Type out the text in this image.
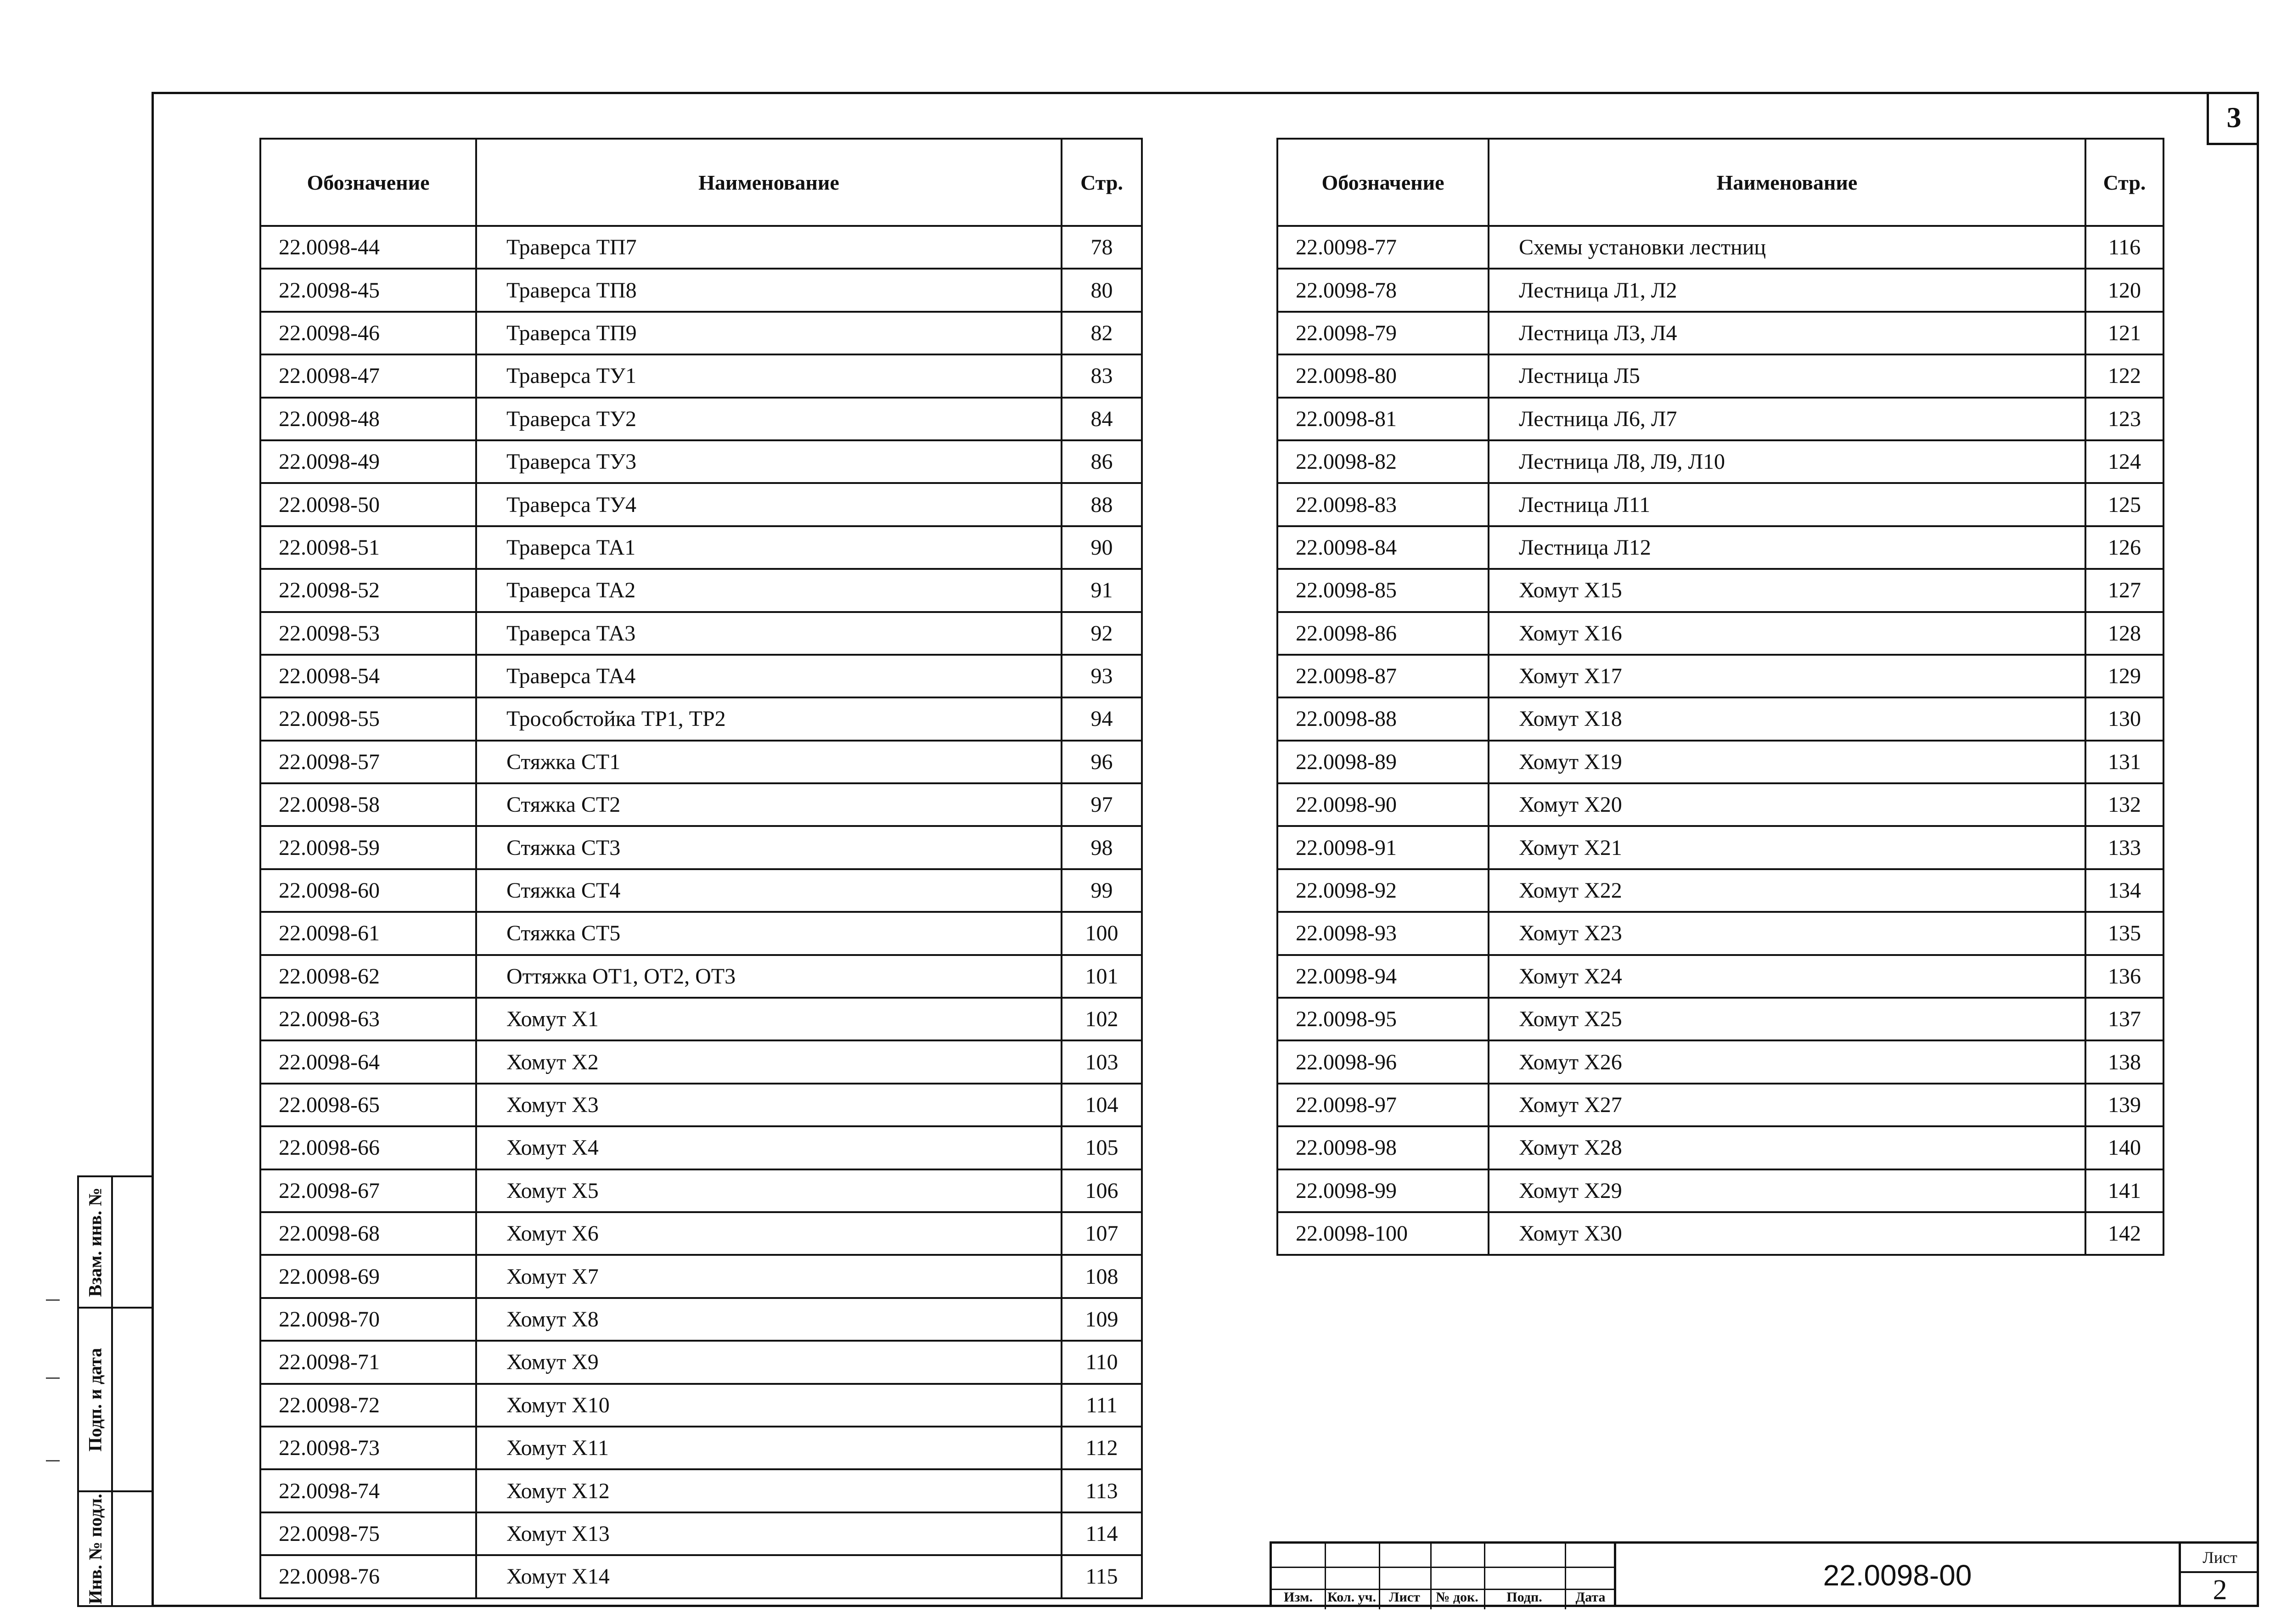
3
Обозначение	Наименование	Стр.
22.0098-44	Траверса ТП7	78
22.0098-45	Траверса ТП8	80
22.0098-46	Траверса ТП9	82
22.0098-47	Траверса ТУ1	83
22.0098-48	Траверса ТУ2	84
22.0098-49	Траверса ТУ3	86
22.0098-50	Траверса ТУ4	88
22.0098-51	Траверса ТА1	90
22.0098-52	Траверса ТА2	91
22.0098-53	Траверса ТА3	92
22.0098-54	Траверса ТА4	93
22.0098-55	Трособстойка ТР1, ТР2	94
22.0098-57	Стяжка СТ1	96
22.0098-58	Стяжка СТ2	97
22.0098-59	Стяжка СТ3	98
22.0098-60	Стяжка СТ4	99
22.0098-61	Стяжка СТ5	100
22.0098-62	Оттяжка ОТ1, ОТ2, ОТ3	101
22.0098-63	Хомут Х1	102
22.0098-64	Хомут Х2	103
22.0098-65	Хомут Х3	104
22.0098-66	Хомут Х4	105
22.0098-67	Хомут Х5	106
22.0098-68	Хомут Х6	107
22.0098-69	Хомут Х7	108
22.0098-70	Хомут Х8	109
22.0098-71	Хомут Х9	110
22.0098-72	Хомут Х10	111
22.0098-73	Хомут Х11	112
22.0098-74	Хомут Х12	113
22.0098-75	Хомут Х13	114
22.0098-76	Хомут Х14	115
Обозначение	Наименование	Стр.
22.0098-77	Схемы установки лестниц	116
22.0098-78	Лестница Л1, Л2	120
22.0098-79	Лестница Л3, Л4	121
22.0098-80	Лестница Л5	122
22.0098-81	Лестница Л6, Л7	123
22.0098-82	Лестница Л8, Л9, Л10	124
22.0098-83	Лестница Л11	125
22.0098-84	Лестница Л12	126
22.0098-85	Хомут Х15	127
22.0098-86	Хомут Х16	128
22.0098-87	Хомут Х17	129
22.0098-88	Хомут Х18	130
22.0098-89	Хомут Х19	131
22.0098-90	Хомут Х20	132
22.0098-91	Хомут Х21	133
22.0098-92	Хомут Х22	134
22.0098-93	Хомут Х23	135
22.0098-94	Хомут Х24	136
22.0098-95	Хомут Х25	137
22.0098-96	Хомут Х26	138
22.0098-97	Хомут Х27	139
22.0098-98	Хомут Х28	140
22.0098-99	Хомут Х29	141
22.0098-100	Хомут Х30	142
Взам. инв. №
Подп. и дата
Инв. № подл.	Изм.	Кол. уч. Лист	№ док.	Подп.	Дата
22.0098-00
Лист
2
